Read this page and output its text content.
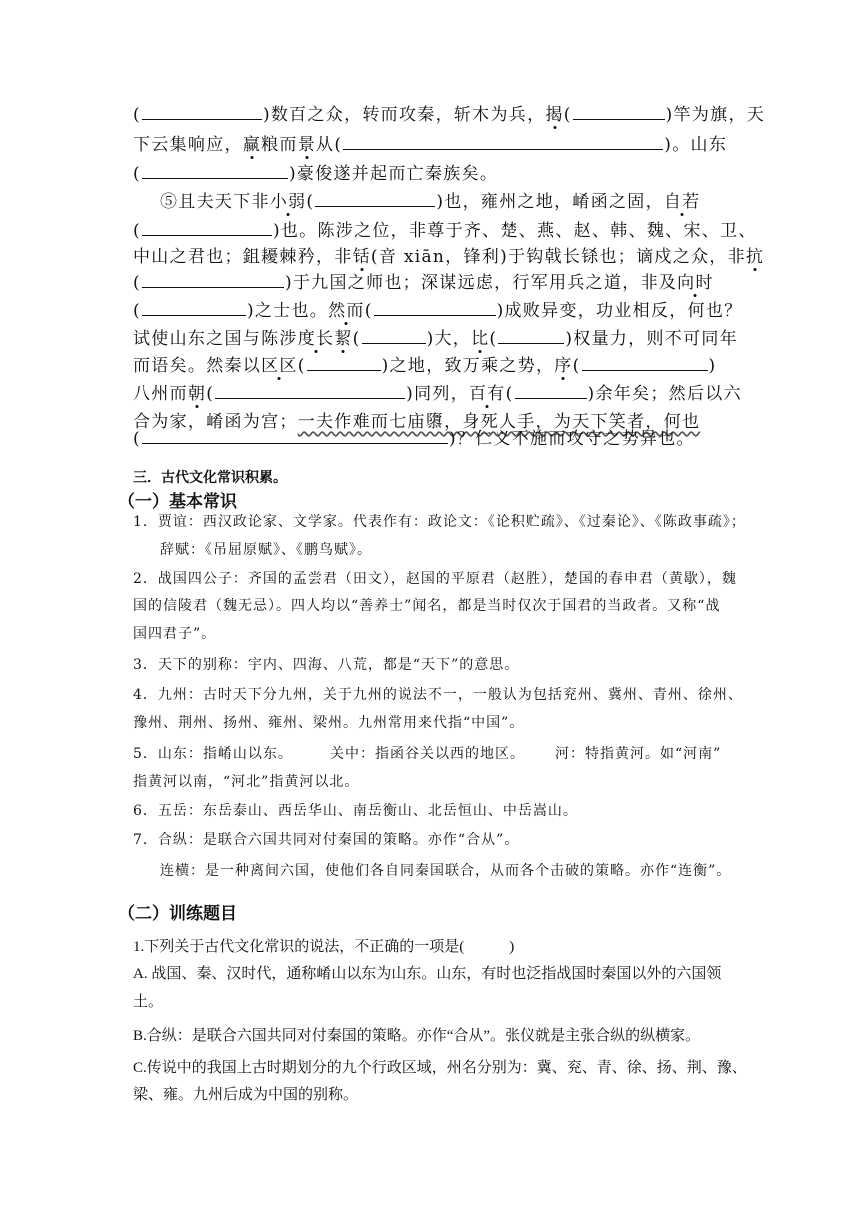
(	)数百之众，转而攻秦，斩木为兵，揭(	)竿为旗，天
下云集响应，赢粮而景从(	)。山东
(	)豪俊遂并起而亡秦族矣。
⑤且夫天下非小弱(	)也，雍州之地，崤函之固，自若
(	)也。陈涉之位，非尊于齐、楚、燕、赵、韩、魏、宋、卫、
中山之君也；鉏耰棘矜，非铦(音 xiān，锋利)于钩戟长铩也；谪戍之众，非抗
(	)于九国之师也；深谋远虑，行军用兵之道，非及向时
(	)之士也。然而(	)成败异变，功业相反，何也？
试使山东之国与陈涉度长絜(	)大，比(	)权量力，则不可同年
而语矣。然秦以区区(	)之地，致万乘之势，序(	)
八州而朝(	)同列，百有(	)余年矣；然后以六
合为家，崤函为宫；一夫作难而七庙隳，身死人手，为天下笑者，何也
(	)？仁义不施而攻守之势异也。
三．古代文化常识积累。
（一）基本常识
1．贾谊：西汉政论家、文学家。代表作有：政论文：《论积贮疏》、《过秦论》、《陈政事疏》；
辞赋：《吊屈原赋》、《鹏鸟赋》。
2．战国四公子：齐国的孟尝君（田文），赵国的平原君（赵胜），楚国的春申君（黄歇），魏
国的信陵君（魏无忌）。四人均以“善养士”闻名，都是当时仅次于国君的当政者。又称“战
国四君子”。
3．天下的别称：宇内、四海、八荒，都是“天下”的意思。
4．九州：古时天下分九州，关于九州的说法不一，一般认为包括兖州、冀州、青州、徐州、
豫州、荆州、扬州、雍州、梁州。九州常用来代指“中国”。
5．山东：指崤山以东。	关中：指函谷关以西的地区。	河：特指黄河。如“河南”
指黄河以南，“河北”指黄河以北。
6．五岳：东岳泰山、西岳华山、南岳衡山、北岳恒山、中岳嵩山。
7．合纵：是联合六国共同对付秦国的策略。亦作“合从”。
连横：是一种离间六国，使他们各自同秦国联合，从而各个击破的策略。亦作“连衡”。
（二）训练题目
1.下列关于古代文化常识的说法，不正确的一项是(　　　)
A. 战国、秦、汉时代，通称崤山以东为山东。山东，有时也泛指战国时秦国以外的六国领
土。
B.合纵：是联合六国共同对付秦国的策略。亦作“合从”。张仪就是主张合纵的纵横家。
C.传说中的我国上古时期划分的九个行政区域，州名分别为：冀、兖、青、徐、扬、荆、豫、
梁、雍。九州后成为中国的别称。
